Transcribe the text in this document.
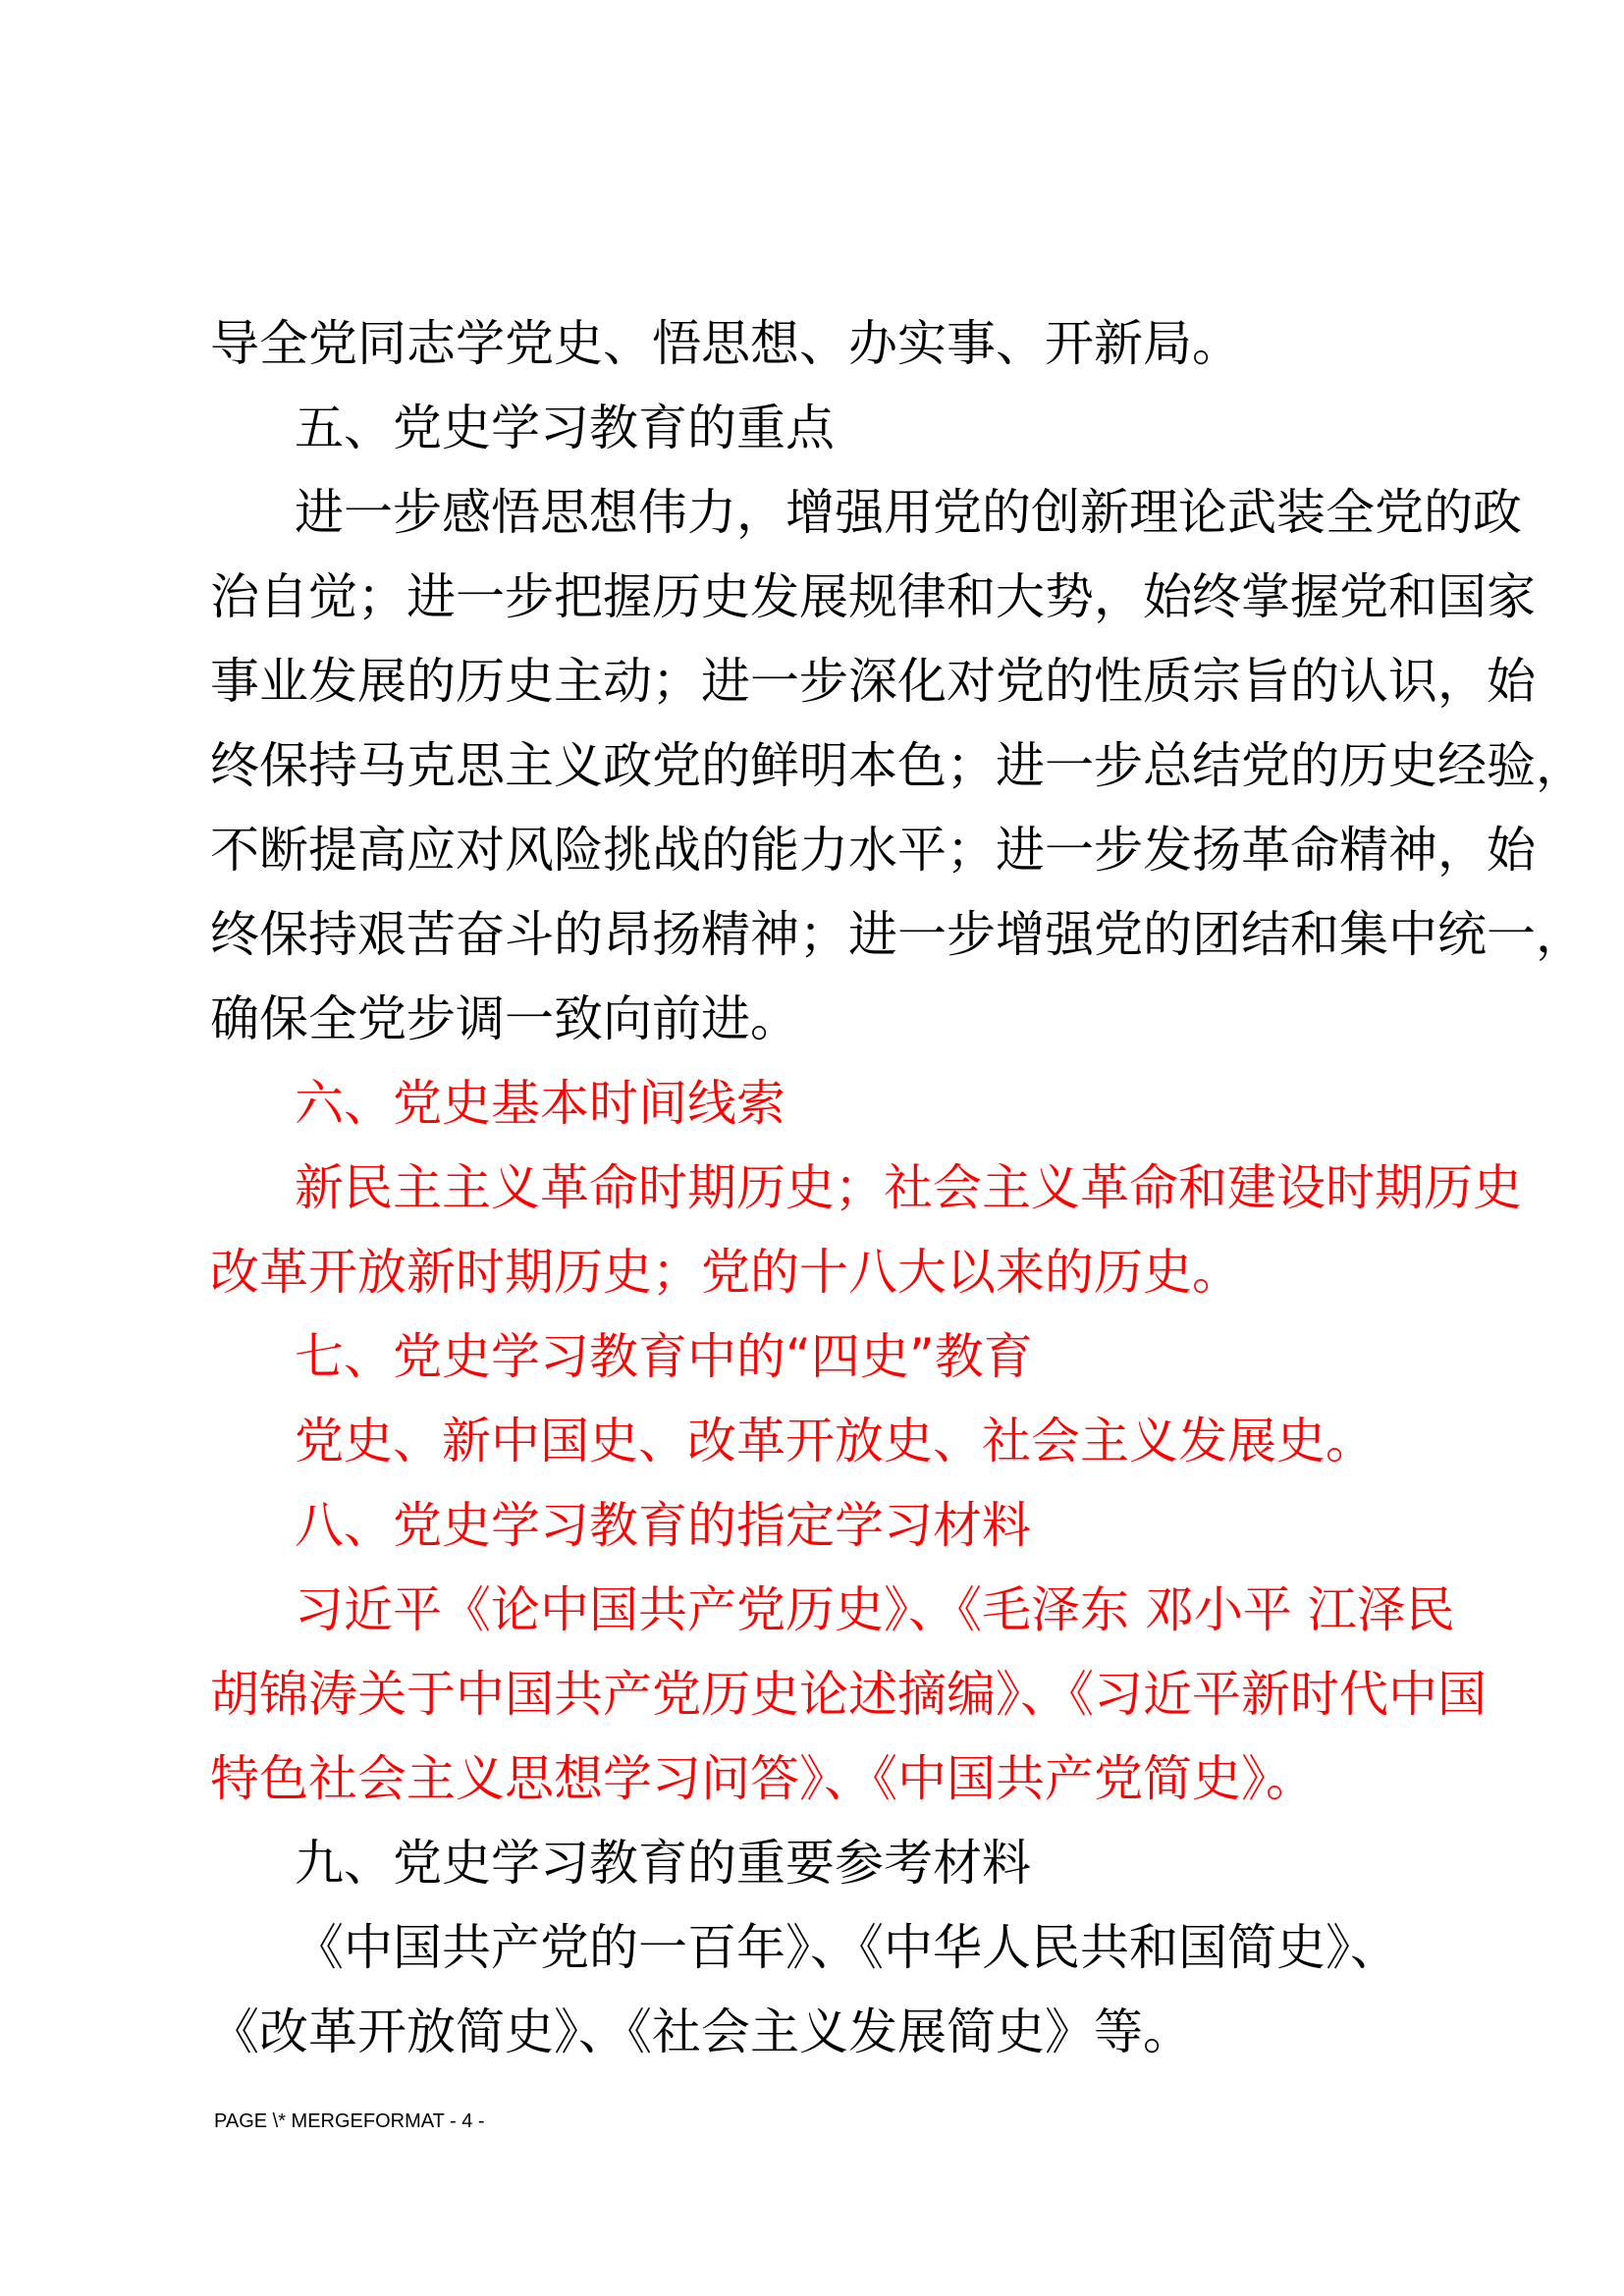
导全党同志学党史、悟思想、办实事、开新局。
五、党史学习教育的重点
进一步感悟思想伟力，增强用党的创新理论武装全党的政
治自觉；进一步把握历史发展规律和大势，始终掌握党和国家
事业发展的历史主动；进一步深化对党的性质宗旨的认识，始
终保持马克思主义政党的鲜明本色；进一步总结党的历史经验，
不断提高应对风险挑战的能力水平；进一步发扬革命精神，始
终保持艰苦奋斗的昂扬精神；进一步增强党的团结和集中统一，
确保全党步调一致向前进。
六、党史基本时间线索
新民主主义革命时期历史；社会主义革命和建设时期历史
改革开放新时期历史；党的十八大以来的历史。
七、党史学习教育中的“四史”教育
党史、新中国史、改革开放史、社会主义发展史。
八、党史学习教育的指定学习材料
习近平《论中国共产党历史》、《毛泽东 邓小平 江泽民
胡锦涛关于中国共产党历史论述摘编》、《习近平新时代中国
特色社会主义思想学习问答》、《中国共产党简史》。
九、党史学习教育的重要参考材料
《中国共产党的一百年》、《中华人民共和国简史》、
《改革开放简史》、《社会主义发展简史》等。
PAGE \* MERGEFORMAT - 4 -
